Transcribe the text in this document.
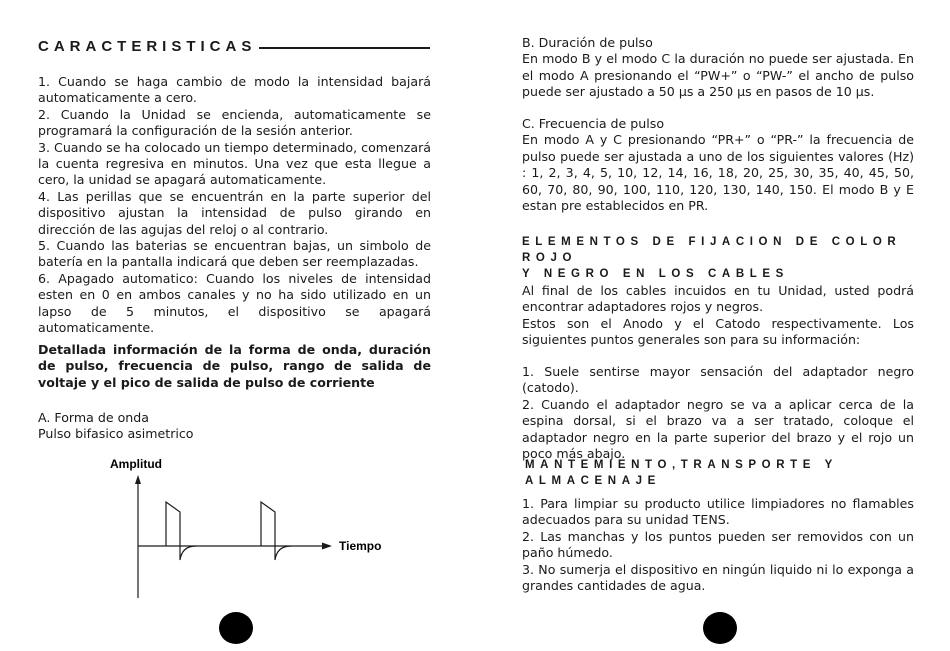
CARACTERISTICAS

1. Cuando se haga cambio de modo la intensidad bajará automaticamente a cero.

2. Cuando la Unidad se encienda, automaticamente se programará la configuración de la sesión anterior.

3. Cuando se ha colocado un tiempo determinado, comenzará la cuenta regresiva en minutos. Una vez que esta llegue a cero, la unidad se apagará automaticamente.

4. Las perillas que se encuentrán en la parte superior del dispositivo ajustan la intensidad de pulso girando en dirección de las agujas del reloj o al contrario.

5. Cuando las baterias se encuentran bajas, un simbolo de batería en la pantalla indicará que deben ser reemplazadas.

6. Apagado automatico: Cuando los niveles de intensidad esten en 0 en ambos canales y no ha sido utilizado en un lapso de 5 minutos, el dispositivo se apagará automaticamente.

Detallada información de la forma de onda, duración de pulso, frecuencia de pulso, rango de salida de voltaje y el pico de salida de pulso de corriente

A. Forma de onda

Pulso bifasico asimetrico

Amplitud
Tiempo

B. Duración de pulso

En modo B y el modo C la duración no puede ser ajustada. En el modo A presionando el “PW+” o “PW-” el ancho de pulso puede ser ajustado a 50 μs a 250 μs en pasos de 10 μs.

C. Frecuencia de pulso

En modo A y C presionando “PR+” o “PR-” la frecuencia de pulso puede ser ajustada a uno de los siguientes valores (Hz) : 1, 2, 3, 4, 5, 10, 12, 14, 16, 18, 20, 25, 30, 35, 40, 45, 50, 60, 70, 80, 90, 100, 110, 120, 130, 140, 150. El modo B y E estan pre establecidos en PR.

ELEMENTOS DE FIJACION DE COLOR ROJO
Y NEGRO EN LOS CABLES

Al final de los cables incuidos en tu Unidad, usted podrá encontrar adaptadores rojos y negros.

Estos son el Anodo y el Catodo respectivamente. Los siguientes puntos generales son para su información:

1. Suele sentirse mayor sensación del adaptador negro (catodo).

2. Cuando el adaptador negro se va a aplicar cerca de la espina dorsal, si el brazo va a ser tratado, coloque el adaptador negro en la parte superior del brazo y el rojo un poco más abajo.

MANTEMIENTO,TRANSPORTE Y ALMACENAJE

1. Para limpiar su producto utilice limpiadores no flamables adecuados para su unidad TENS.

2. Las manchas y los puntos pueden ser removidos con un paño húmedo.

3. No sumerja el dispositivo en ningún liquido ni lo exponga a grandes cantidades de agua.
